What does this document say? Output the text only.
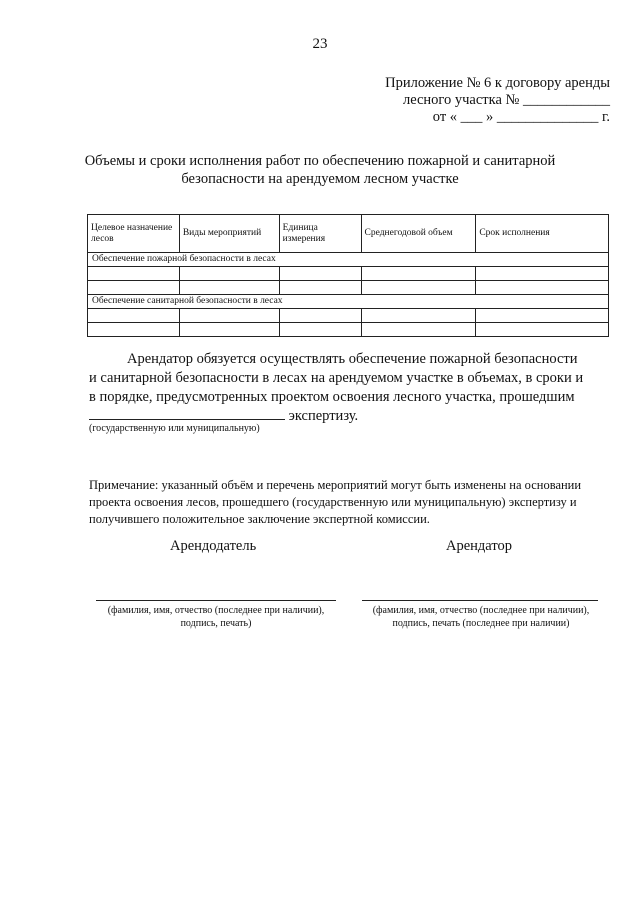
23
Приложение № 6 к договору аренды
лесного участка № ____________
от « ___ » ______________ г.
Объемы и сроки исполнения работ по обеспечению пожарной и санитарной
безопасности на арендуемом лесном участке
Целевое назначение лесов	Виды мероприятий	Единица измерения	Среднегодовой объем	Срок исполнения
Обеспечение пожарной безопасности в лесах				

Обеспечение санитарной безопасности в лесах				

Арендатор обязуется осуществлять обеспечение пожарной безопасности
и санитарной безопасности в лесах на арендуемом участке в объемах, в сроки и
в порядке, предусмотренных проектом освоения лесного участка, прошедшим
экспертизу.
(государственную или муниципальную)
Примечание: указанный объём и перечень мероприятий могут быть изменены на основании
проекта освоения лесов, прошедшего (государственную или муниципальную) экспертизу и
получившего положительное заключение экспертной комиссии.
Арендодатель	Арендатор
(фамилия, имя, отчество (последнее при наличии),
подпись, печать)
(фамилия, имя, отчество (последнее при наличии),
подпись, печать (последнее при наличии)
